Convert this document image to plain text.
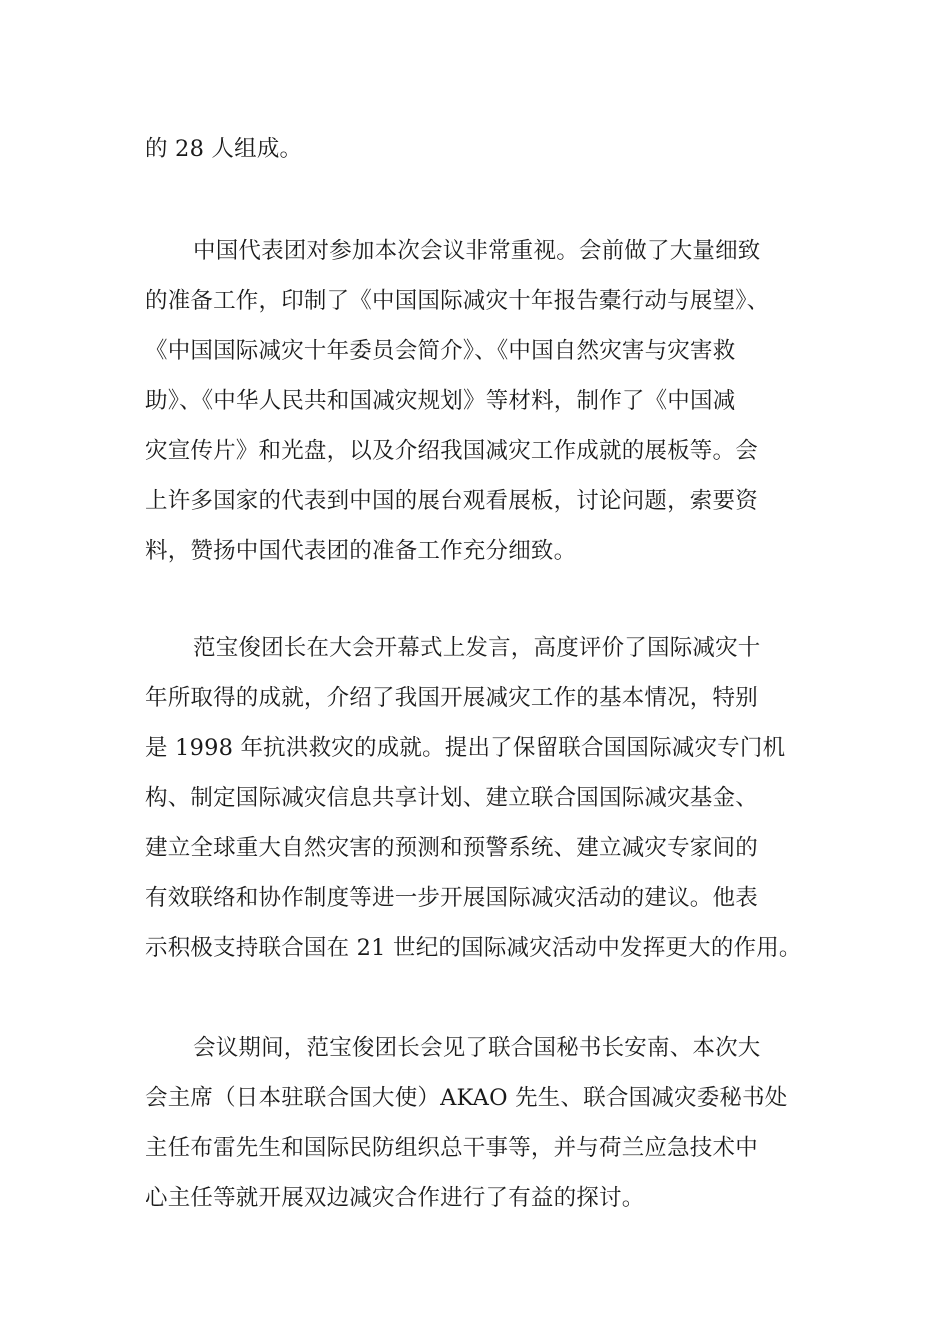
的 28 人组成。
中国代表团对参加本次会议非常重视。会前做了大量细致
的准备工作，印制了《中国国际减灾十年报告橐行动与展望》、
《中国国际减灾十年委员会简介》、《中国自然灾害与灾害救
助》、《中华人民共和国减灾规划》等材料，制作了《中国减
灾宣传片》和光盘，以及介绍我国减灾工作成就的展板等。会
上许多国家的代表到中国的展台观看展板，讨论问题，索要资
料，赞扬中国代表团的准备工作充分细致。
范宝俊团长在大会开幕式上发言，高度评价了国际减灾十
年所取得的成就，介绍了我国开展减灾工作的基本情况，特别
是 1998 年抗洪救灾的成就。提出了保留联合国国际减灾专门机
构、制定国际减灾信息共享计划、建立联合国国际减灾基金、
建立全球重大自然灾害的预测和预警系统、建立减灾专家间的
有效联络和协作制度等进一步开展国际减灾活动的建议。他表
示积极支持联合国在 21 世纪的国际减灾活动中发挥更大的作用。
会议期间，范宝俊团长会见了联合国秘书长安南、本次大
会主席（日本驻联合国大使）AKAO 先生、联合国减灾委秘书处
主任布雷先生和国际民防组织总干事等，并与荷兰应急技术中
心主任等就开展双边减灾合作进行了有益的探讨。
